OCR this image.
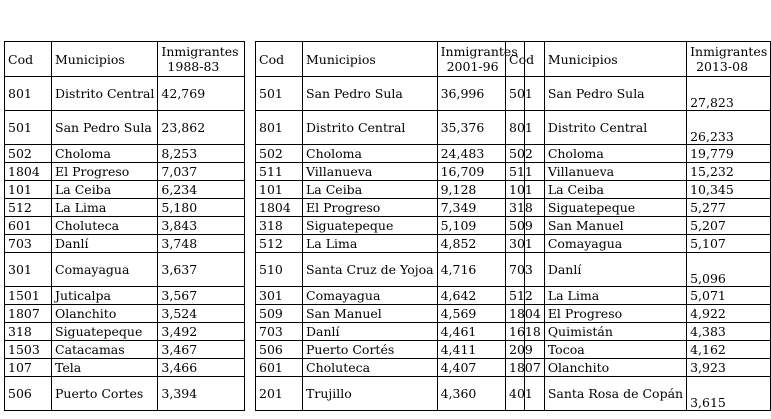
Cod	Municipios	Inmigrantes
1988-83

801	Distrito Central	42,769
501	San Pedro Sula	23,862
502	Choloma	8,253
1804	El Progreso	7,037
101	La Ceiba	6,234
512	La Lima	5,180
601	Choluteca	3,843
703	Danlí	3,748
301	Comayagua	3,637
1501	Juticalpa	3,567
1807	Olanchito	3,524
318	Siguatepeque	3,492
1503	Catacamas	3,467
107	Tela	3,466
506	Puerto Cortes	3,394
Cod	Municipios	Inmigrantes
2001-96

501	San Pedro Sula	36,996
801	Distrito Central	35,376
502	Choloma	24,483
511	Villanueva	16,709
101	La Ceiba	9,128
1804	El Progreso	7,349
318	Siguatepeque	5,109
512	La Lima	4,852
510	Santa Cruz de Yojoa	4,716
301	Comayagua	4,642
509	San Manuel	4,569
703	Danlí	4,461
506	Puerto Cortés	4,411
601	Choluteca	4,407
201	Trujillo	4,360
Cod	Municipios	Inmigrantes
2013-08

501	San Pedro Sula	27,823
801	Distrito Central	26,233
502	Choloma	19,779
511	Villanueva	15,232
101	La Ceiba	10,345
318	Siguatepeque	5,277
509	San Manuel	5,207
301	Comayagua	5,107
703	Danlí	5,096
512	La Lima	5,071
1804	El Progreso	4,922
1618	Quimistán	4,383
209	Tocoa	4,162
1807	Olanchito	3,923
401	Santa Rosa de Copán	3,615
